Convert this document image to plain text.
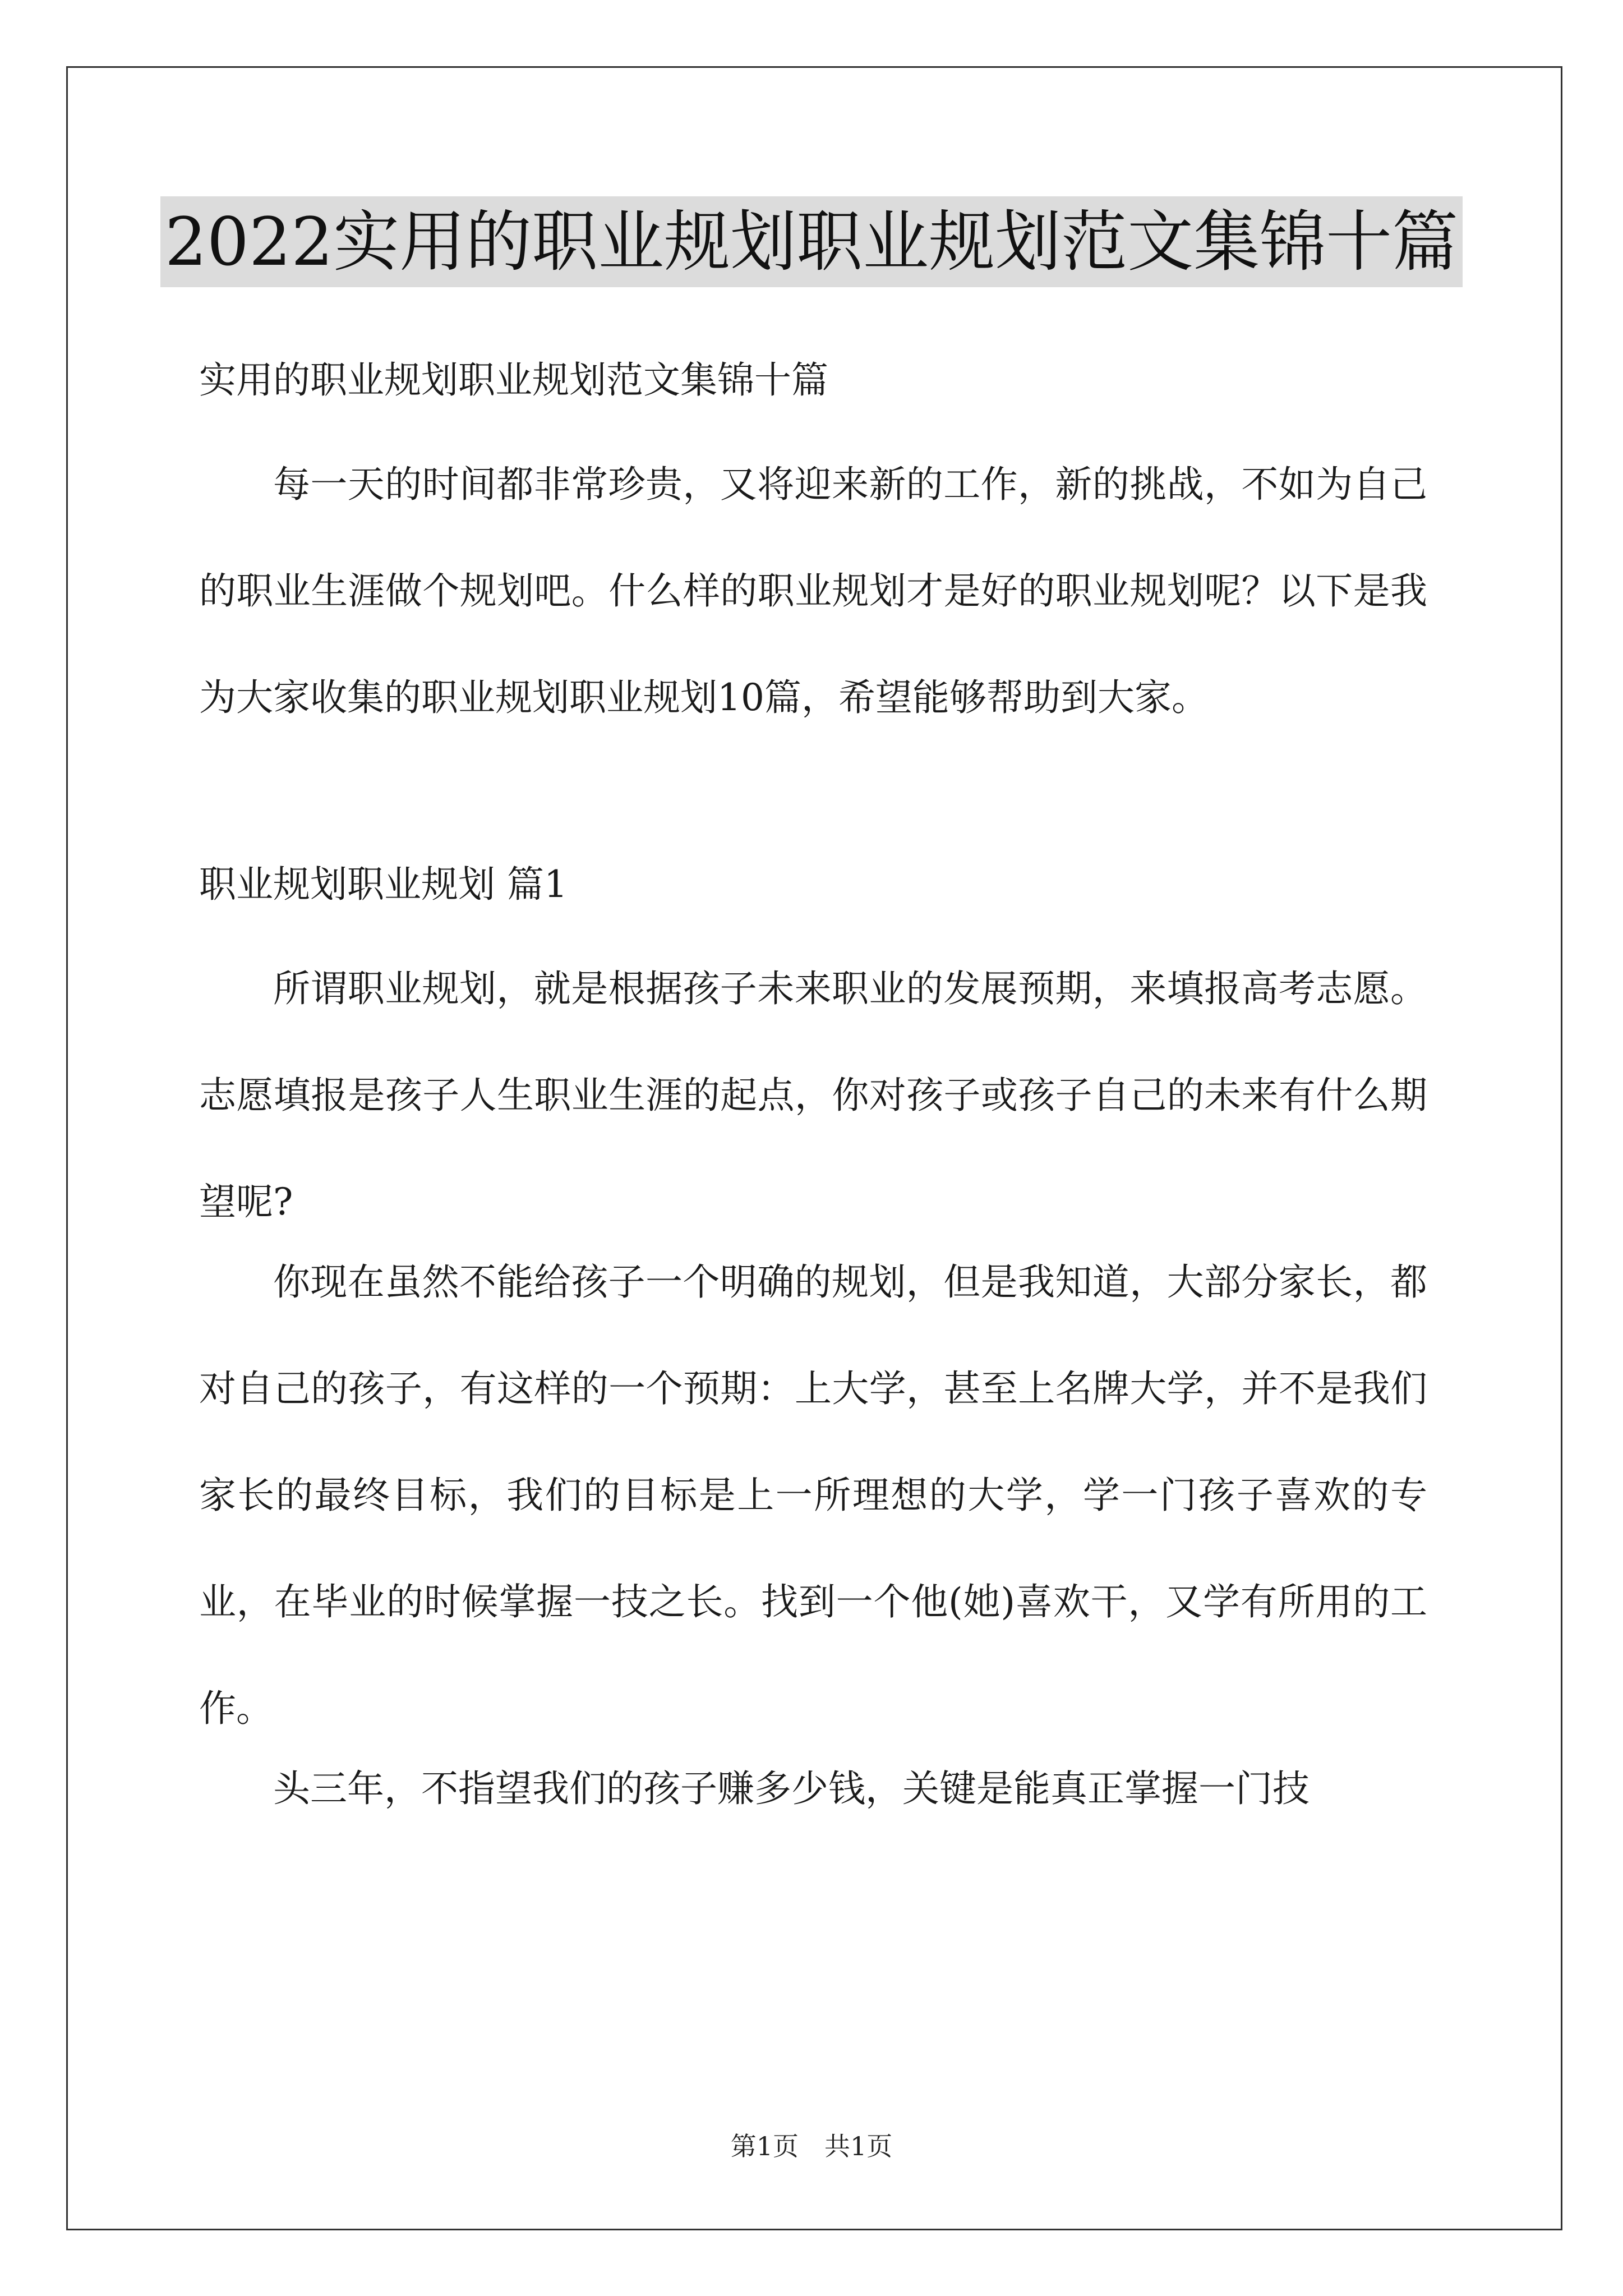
2022实用的职业规划职业规划范文集锦十篇

实用的职业规划职业规划范文集锦十篇

每一天的时间都非常珍贵，又将迎来新的工作，新的挑战，不如为自己的职业生涯做个规划吧。什么样的职业规划才是好的职业规划呢？以下是我为大家收集的职业规划职业规划10篇，希望能够帮助到大家。

职业规划职业规划 篇1

所谓职业规划，就是根据孩子未来职业的发展预期，来填报高考志愿。志愿填报是孩子人生职业生涯的起点，你对孩子或孩子自己的未来有什么期望呢?

你现在虽然不能给孩子一个明确的规划，但是我知道，大部分家长，都对自己的孩子，有这样的一个预期：上大学，甚至上名牌大学，并不是我们家长的最终目标，我们的目标是上一所理想的大学，学一门孩子喜欢的专业，在毕业的时候掌握一技之长。找到一个他(她)喜欢干，又学有所用的工作。

头三年，不指望我们的孩子赚多少钱，关键是能真正掌握一门技

第1页　共1页
